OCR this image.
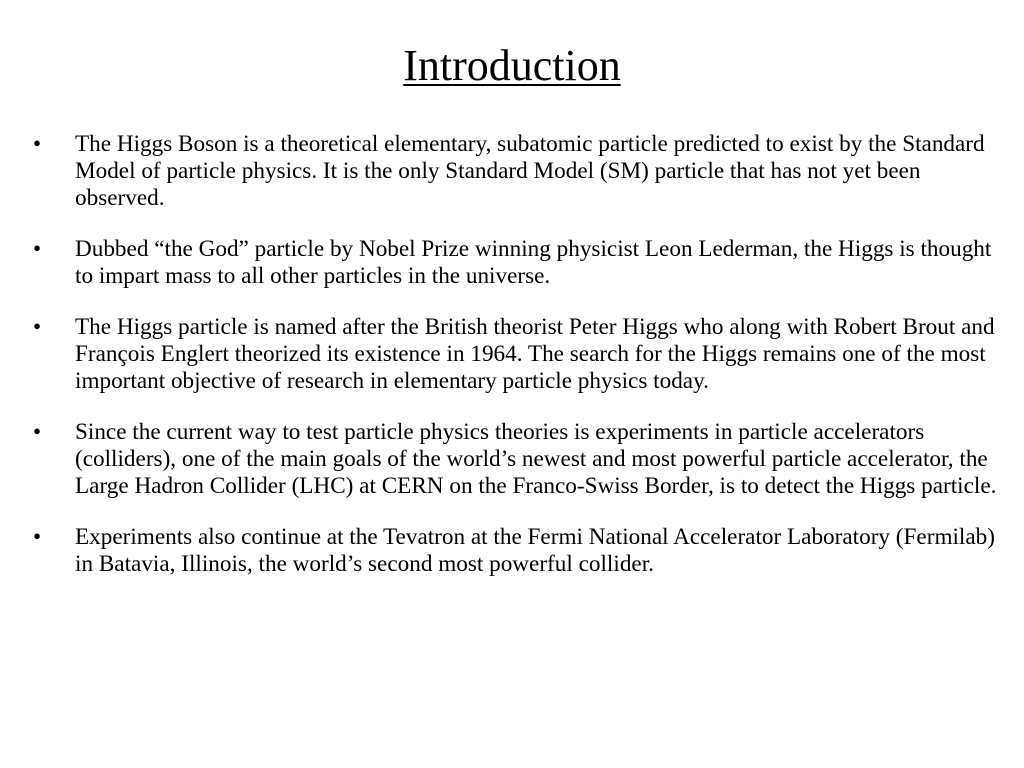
Introduction
• The Higgs Boson is a theoretical elementary, subatomic particle predicted to exist by the Standard Model of particle physics. It is the only Standard Model (SM) particle that has not yet been observed.
• Dubbed “the God” particle by Nobel Prize winning physicist Leon Lederman, the Higgs is thought to impart mass to all other particles in the universe.
• The Higgs particle is named after the British theorist Peter Higgs who along with Robert Brout and François Englert theorized its existence in 1964. The search for the Higgs remains one of the most important objective of research in elementary particle physics today.
• Since the current way to test particle physics theories is experiments in particle accelerators (colliders), one of the main goals of the world’s newest and most powerful particle accelerator, the Large Hadron Collider (LHC) at CERN on the Franco-Swiss Border, is to detect the Higgs particle.
• Experiments also continue at the Tevatron at the Fermi National Accelerator Laboratory (Fermilab) in Batavia, Illinois, the world’s second most powerful collider.
